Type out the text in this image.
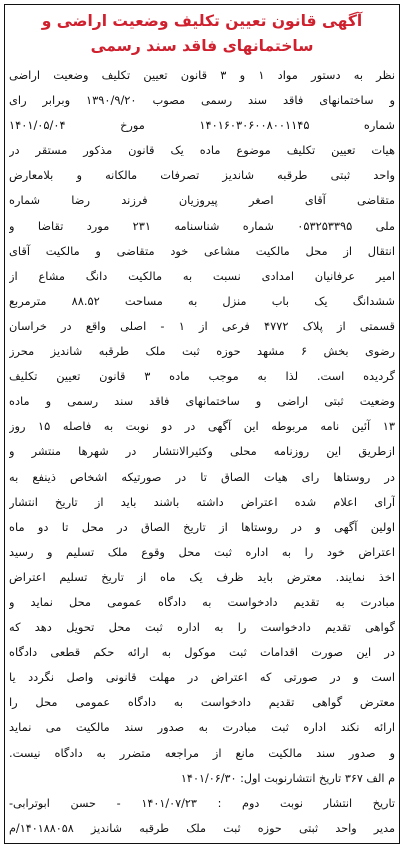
آگهی قانون تعیین تکلیف وضعیت اراضی و
ساختمانهای فاقد سند رسمی
نظر به دستور مواد ۱ و ۳ قانون تعیین تکلیف وضعیت اراضی
و ساختمانهای فاقد سند رسمی مصوب ۱۳۹۰/۹/۲۰ وبرابر رای
شماره ۱۴۰۱۶۰۳۰۶۰۰۸۰۰۱۱۴۵ مورخ ۱۴۰۱/۰۵/۰۴
هیات تعیین تکلیف موضوع ماده یک قانون مذکور مستقر در
واحد ثبتی طرقبه شاندیز تصرفات مالکانه و بلامعارض
متقاضی آقای اصغر پیروزیان فرزند رضا شماره
ملی ۰۵۳۲۵۳۳۹۵ شماره شناسنامه ۲۳۱ مورد تقاضا و
انتقال از محل مالکیت مشاعی خود متقاضی و مالکیت آقای
امیر عرفانیان امدادی نسبت به مالکیت دانگ مشاع از
ششدانگ یک باب منزل به مساحت ۸۸.۵۲ مترمربع
قسمتی از پلاک ۴۷۷۲ فرعی از ۱ - اصلی واقع در خراسان
رضوی بخش ۶ مشهد حوزه ثبت ملک طرقبه شاندیز محرز
گردیده است. لذا به موجب ماده ۳ قانون تعیین تکلیف
وضعیت ثبتی اراضی و ساختمانهای فاقد سند رسمی و ماده
۱۳ آئین نامه مربوطه این آگهی در دو نوبت به فاصله ۱۵ روز
ازطریق این روزنامه محلی وکثیرالانتشار در شهرها منتشر و
در روستاها رای هیات الصاق تا در صورتیکه اشخاص ذینفع به
آرای اعلام شده اعتراض داشته باشند باید از تاریخ انتشار
اولین آگهی و در روستاها از تاریخ الصاق در محل تا دو ماه
اعتراض خود را به اداره ثبت محل وقوع ملک تسلیم و رسید
اخذ نمایند. معترض باید ظرف یک ماه از تاریخ تسلیم اعتراض
مبادرت به تقدیم دادخواست به دادگاه عمومی محل نماید و
گواهی تقدیم دادخواست را به اداره ثبت محل تحویل دهد که
در این صورت اقدامات ثبت موکول به ارائه حکم قطعی دادگاه
است و در صورتی که اعتراض در مهلت قانونی واصل نگردد یا
معترض گواهی تقدیم دادخواست به دادگاه عمومی محل را
ارائه نکند اداره ثبت مبادرت به صدور سند مالکیت می نماید
و صدور سند مالکیت مانع از مراجعه متضرر به دادگاه نیست.
م الف ۳۶۷ تاریخ انتشارنوبت اول: ۱۴۰۱/۰۶/۳۰
تاریخ انتشار نوبت دوم : ۱۴۰۱/۰۷/۲۳ - حسن ابوترابی-
مدیر واحد ثبتی حوزه ثبت ملک طرقبه شاندیز ۱۴۰۱۸۸۰۵۸/م
